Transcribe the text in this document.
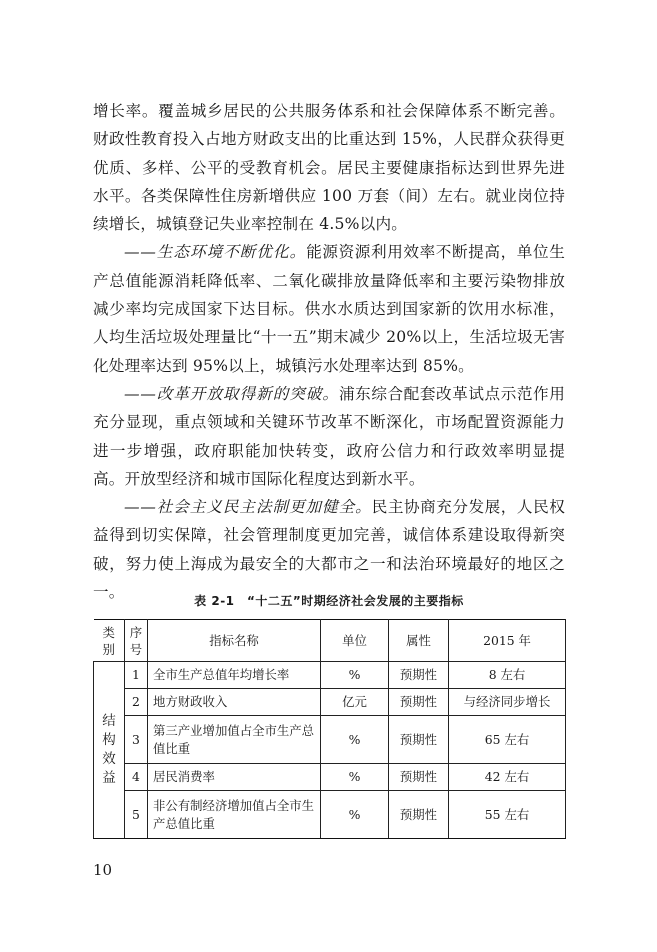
增长率。覆盖城乡居民的公共服务体系和社会保障体系不断完善。财政性教育投入占地方财政支出的比重达到 15%，人民群众获得更优质、多样、公平的受教育机会。居民主要健康指标达到世界先进水平。各类保障性住房新增供应 100 万套（间）左右。就业岗位持续增长，城镇登记失业率控制在 4.5%以内。

——生态环境不断优化。能源资源利用效率不断提高，单位生产总值能源消耗降低率、二氧化碳排放量降低率和主要污染物排放减少率均完成国家下达目标。供水水质达到国家新的饮用水标准，人均生活垃圾处理量比“十一五”期末减少 20%以上，生活垃圾无害化处理率达到 95%以上，城镇污水处理率达到 85%。

——改革开放取得新的突破。浦东综合配套改革试点示范作用充分显现，重点领域和关键环节改革不断深化，市场配置资源能力进一步增强，政府职能加快转变，政府公信力和行政效率明显提高。开放型经济和城市国际化程度达到新水平。

——社会主义民主法制更加健全。民主协商充分发展，人民权益得到切实保障，社会管理制度更加完善，诚信体系建设取得新突破，努力使上海成为最安全的大都市之一和法治环境最好的地区之一。	表 2-1　“十二五”时期经济社会发展的主要指标
类别	序号	指标名称	单位	属性	2015 年
结构效益	1	全市生产总值年均增长率	%	预期性	8 左右
	2	地方财政收入	亿元	预期性	与经济同步增长
	3	第三产业增加值占全市生产总值比重	%	预期性	65 左右
	4	居民消费率	%	预期性	42 左右
	5	非公有制经济增加值占全市生产总值比重	%	预期性	55 左右
10
